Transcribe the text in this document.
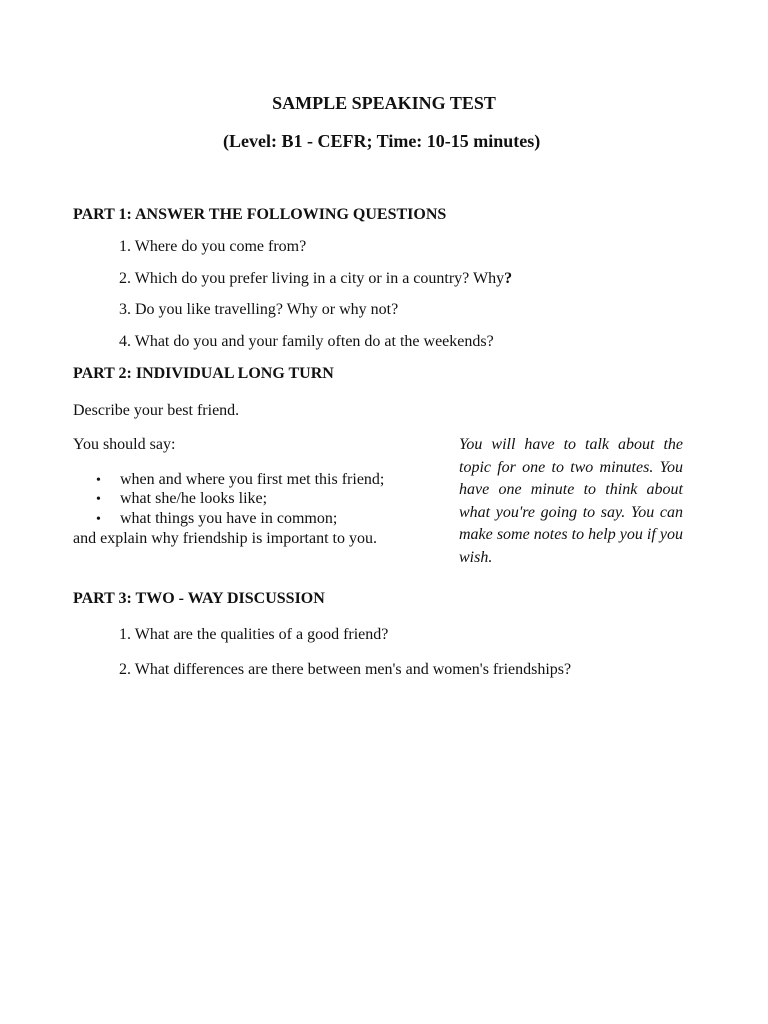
SAMPLE SPEAKING TEST
(Level: B1 - CEFR; Time: 10-15 minutes)
PART 1: ANSWER THE FOLLOWING QUESTIONS
1. Where do you come from?
2. Which do you prefer living in a city or in a country? Why?
3. Do you like travelling? Why or why not?
4. What do you and your family often do at the weekends?
PART 2: INDIVIDUAL LONG TURN
Describe your best friend.
You should say:
• when and where you first met this friend;
• what she/he looks like;
• what things you have in common;
and explain why friendship is important to you.
You will have to talk about the topic for one to two minutes. You have one minute to think about what you're going to say. You can make some notes to help you if you wish.
PART 3: TWO - WAY DISCUSSION
1. What are the qualities of a good friend?
2. What differences are there between men's and women's friendships?
